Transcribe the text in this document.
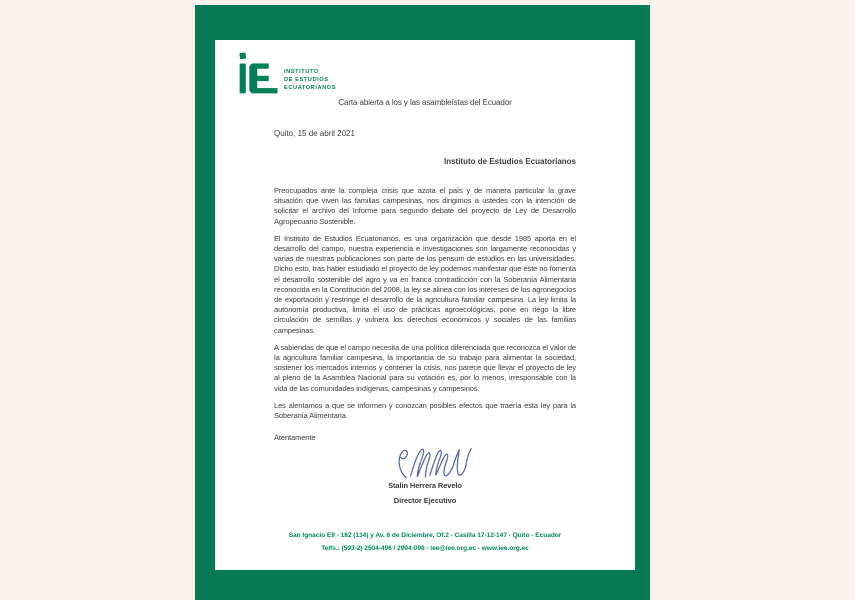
INSTITUTO
DE ESTUDIOS
ECUATORIANOS
Carta abierta a los y las asambleístas del Ecuador
Quito, 15 de abril 2021
Instituto de Estudios Ecuatorianos

Preocupados ante la compleja crisis que azota el país y de manera particular la grave situación que viven las familias campesinas, nos dirigimos a ustedes con la intención de solicitar el archivo del Informe para segundo debate del proyecto de Ley de Desarrollo Agropecuario Sostenible.

El Instituto de Estudios Ecuatorianos, es una organización que desde 1985 aporta en el desarrollo del campo, nuestra experiencia e investigaciones son largamente reconocidas y varias de nuestras publicaciones son parte de los pensum de estudios en las universidades. Dicho esto, tras haber estudiado el proyecto de ley podemos manifestar que éste no fomenta el desarrollo sostenible del agro y va en franca contradicción con la Soberanía Alimentaria reconocida en la Constitución del 2008, la ley se alinea con los intereses de los agronegocios de exportación y restringe el desarrollo de la agricultura familiar campesina. La ley limita la autonomía productiva, limita el uso de prácticas agroecológicas, pone en riego la libre circulación de semillas y vulnera los derechos económicos y sociales de las familias campesinas.

A sabiendas de que el campo necesita de una política diferenciada que reconozca el valor de la agricultura familiar campesina, la importancia de su trabajo para alimentar la sociedad, sostener los mercados internos y contener la crisis, nos parece que llevar el proyecto de ley al pleno de la Asamblea Nacional para su votación es, por lo menos, irresponsable con la vida de las comunidades indígenas, campesinas y campesinos.

Les alentamos a que se informen y conozcan posibles efectos que traería esta ley para la Soberanía Alimentaria.

Atentamente
Stalin Herrera Revelo
Director Ejecutivo
San Ignacio E9 - 182 (134) y Av. 6 de Diciembre, Of.2 - Casilla 17-12-147 - Quito - Ecuador
Telfs.: (593-2) 2504-496 / 2904-098 - iee@iee.org.ec - www.iee.org.ec
